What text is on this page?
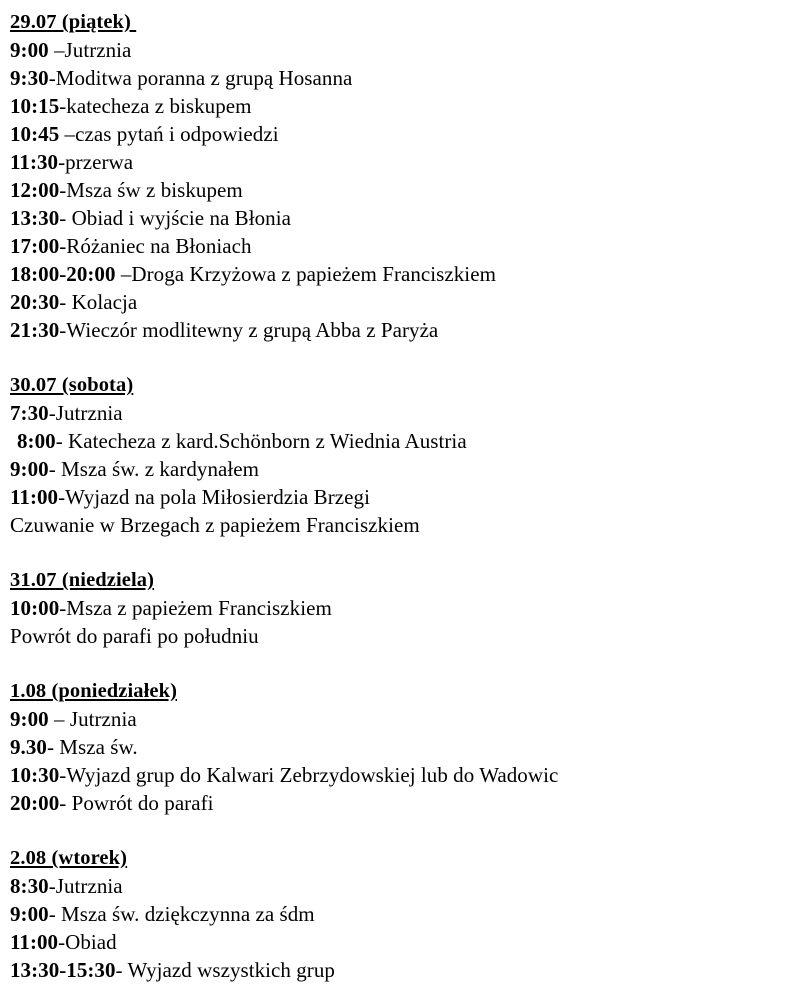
29.07 (piątek)
9:00 –Jutrznia
9:30-Moditwa poranna z grupą Hosanna
10:15-katecheza z biskupem
10:45 –czas pytań i odpowiedzi
11:30-przerwa
12:00-Msza św z biskupem
13:30- Obiad i wyjście na Błonia
17:00-Różaniec na Błoniach
18:00-20:00 –Droga Krzyżowa z papieżem Franciszkiem
20:30- Kolacja
21:30-Wieczór modlitewny z grupą Abba z Paryża
30.07 (sobota)
7:30-Jutrznia
8:00- Katecheza z kard.Schönborn z Wiednia Austria
9:00- Msza św. z kardynałem
11:00-Wyjazd na pola Miłosierdzia Brzegi
Czuwanie w Brzegach z papieżem Franciszkiem
31.07 (niedziela)
10:00-Msza z papieżem Franciszkiem
Powrót do parafi po południu
1.08 (poniedziałek)
9:00 – Jutrznia
9.30- Msza św.
10:30-Wyjazd grup do Kalwari Zebrzydowskiej lub do Wadowic
20:00- Powrót do parafi
2.08 (wtorek)
8:30-Jutrznia
9:00- Msza św. dziękczynna za śdm
11:00-Obiad
13:30-15:30- Wyjazd wszystkich grup
